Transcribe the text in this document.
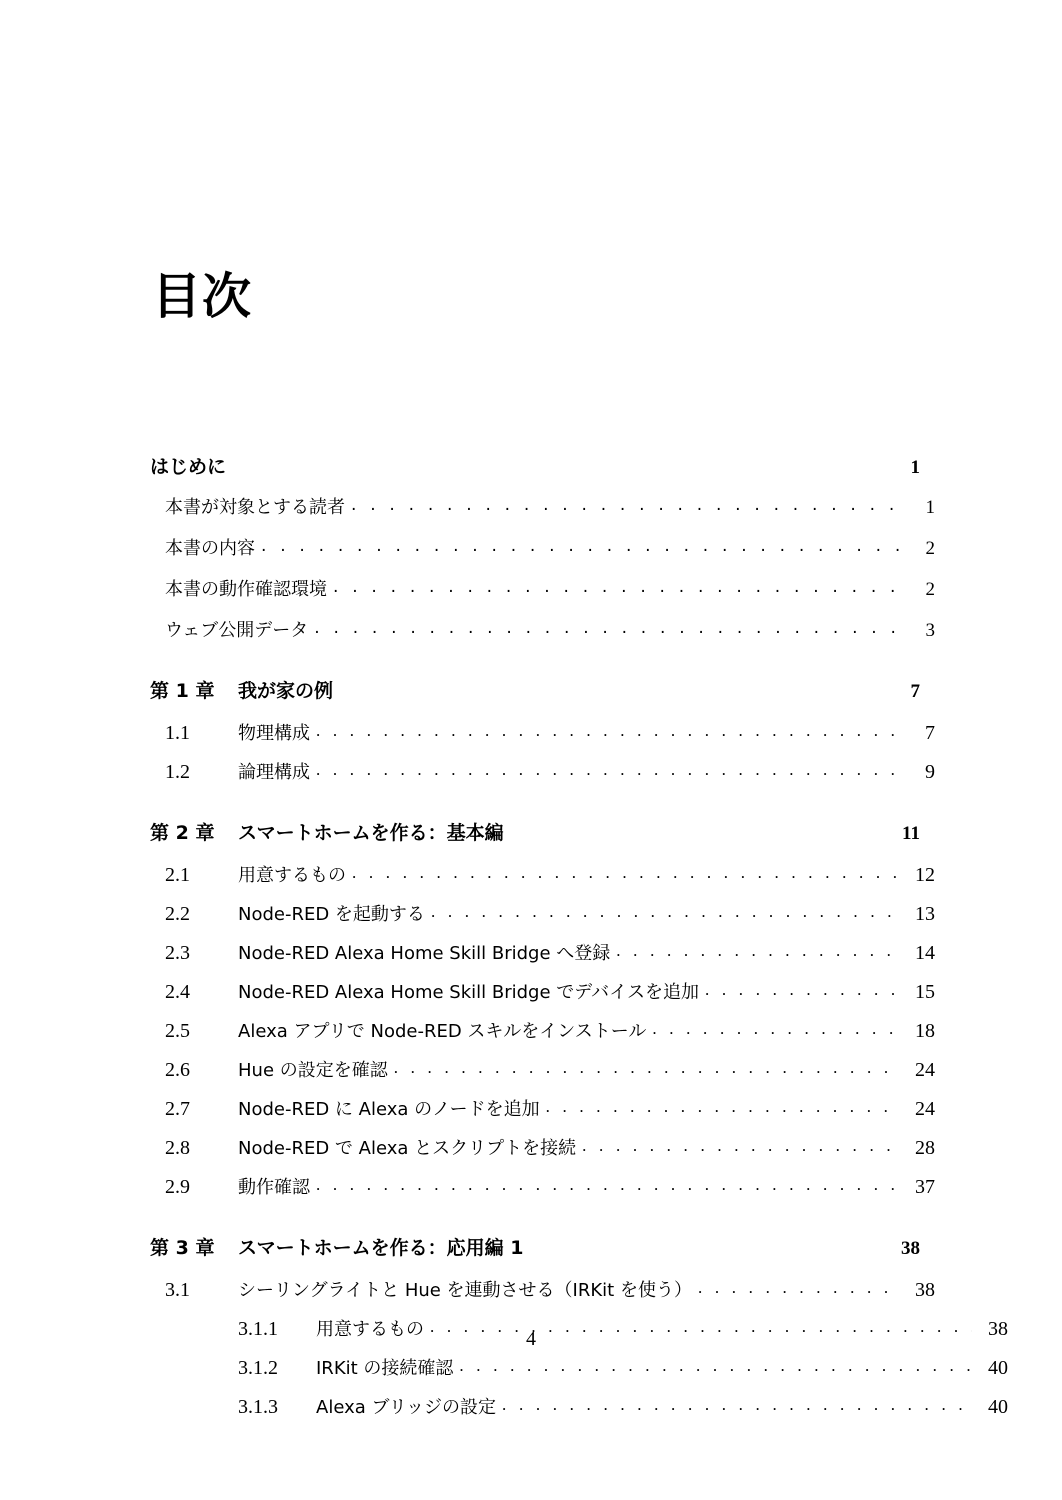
目次
はじめに	1
本書が対象とする読者 . . .	1
本書の内容 . . .	2
本書の動作確認環境 . . .	2
ウェブ公開データ . . .	3
第 1 章	我が家の例	7
1.1	物理構成 . . .	7
1.2	論理構成 . . .	9
第 2 章	スマートホームを作る：基本編	11
2.1	用意するもの . . .	12
2.2	Node-RED を起動する . . .	13
2.3	Node-RED Alexa Home Skill Bridge へ登録 . . .	14
2.4	Node-RED Alexa Home Skill Bridge でデバイスを追加 . . .	15
2.5	Alexa アプリで Node-RED スキルをインストール . . .	18
2.6	Hue の設定を確認 . . .	24
2.7	Node-RED に Alexa のノードを追加 . . .	24
2.8	Node-RED で Alexa とスクリプトを接続 . . .	28
2.9	動作確認 . . .	37
第 3 章	スマートホームを作る：応用編 1	38
3.1	シーリングライトと Hue を連動させる（IRKit を使う） . . .	38
3.1.1	用意するもの . . .	38
3.1.2	IRKit の接続確認 . . .	40
3.1.3	Alexa ブリッジの設定 . . .	40
4
